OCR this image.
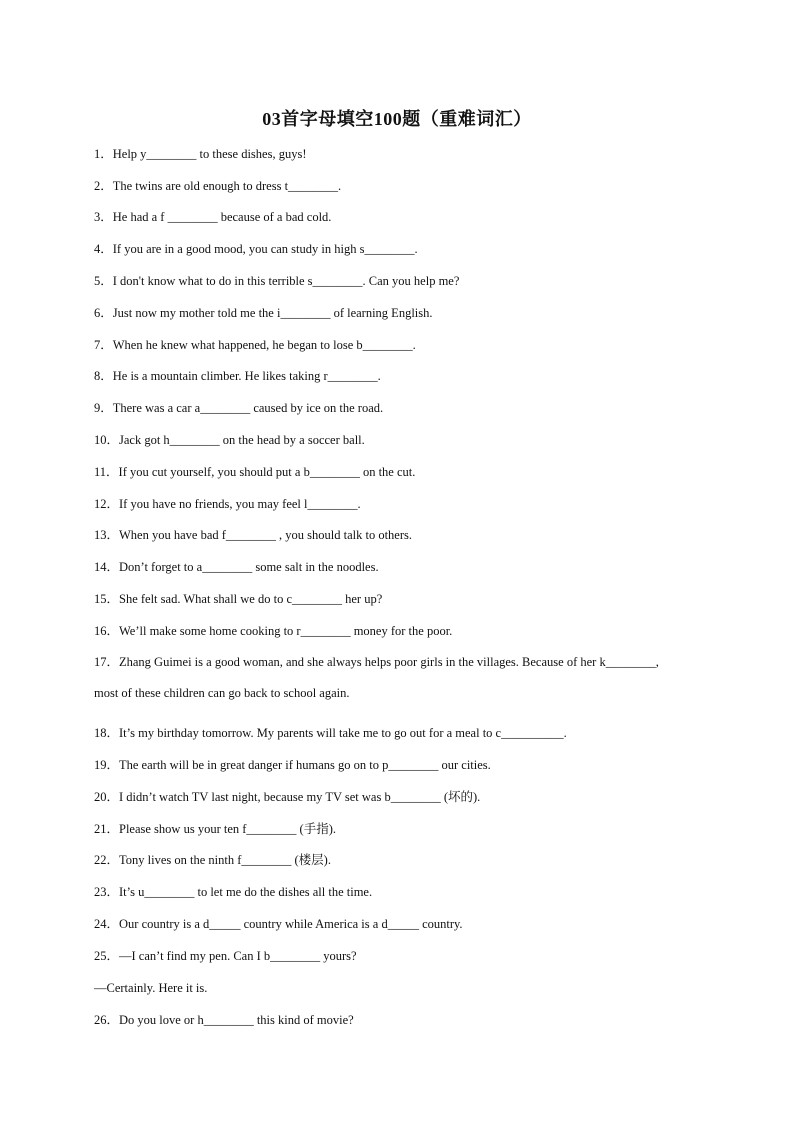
03首字母填空100题（重难词汇）

1．Help y________ to these dishes, guys!

2．The twins are old enough to dress t________.

3．He had a f ________ because of a bad cold.

4．If you are in a good mood, you can study in high s________.

5．I don't know what to do in this terrible s________. Can you help me?

6．Just now my mother told me the i________ of learning English.

7．When he knew what happened, he began to lose b________.

8．He is a mountain climber. He likes taking r________.

9．There was a car a________ caused by ice on the road.

10．Jack got h________ on the head by a soccer ball.

11．If you cut yourself, you should put a b________ on the cut.

12．If you have no friends, you may feel l________.

13．When you have bad f________ , you should talk to others.

14．Don’t forget to a________ some salt in the noodles.

15．She felt sad. What shall we do to c________ her up?

16．We’ll make some home cooking to r________ money for the poor.

17．Zhang Guimei is a good woman, and she always helps poor girls in the villages. Because of her k________, most of these children can go back to school again.

18．It’s my birthday tomorrow. My parents will take me to go out for a meal to c__________.

19．The earth will be in great danger if humans go on to p________ our cities.

20．I didn’t watch TV last night, because my TV set was b________ (坏的).

21．Please show us your ten f________ (手指).

22．Tony lives on the ninth f________ (楼层).

23．It’s u________ to let me do the dishes all the time.

24．Our country is a d_____ country while America is a d_____ country.

25．—I can’t find my pen. Can I b________ yours?

—Certainly. Here it is.

26．Do you love or h________ this kind of movie?
